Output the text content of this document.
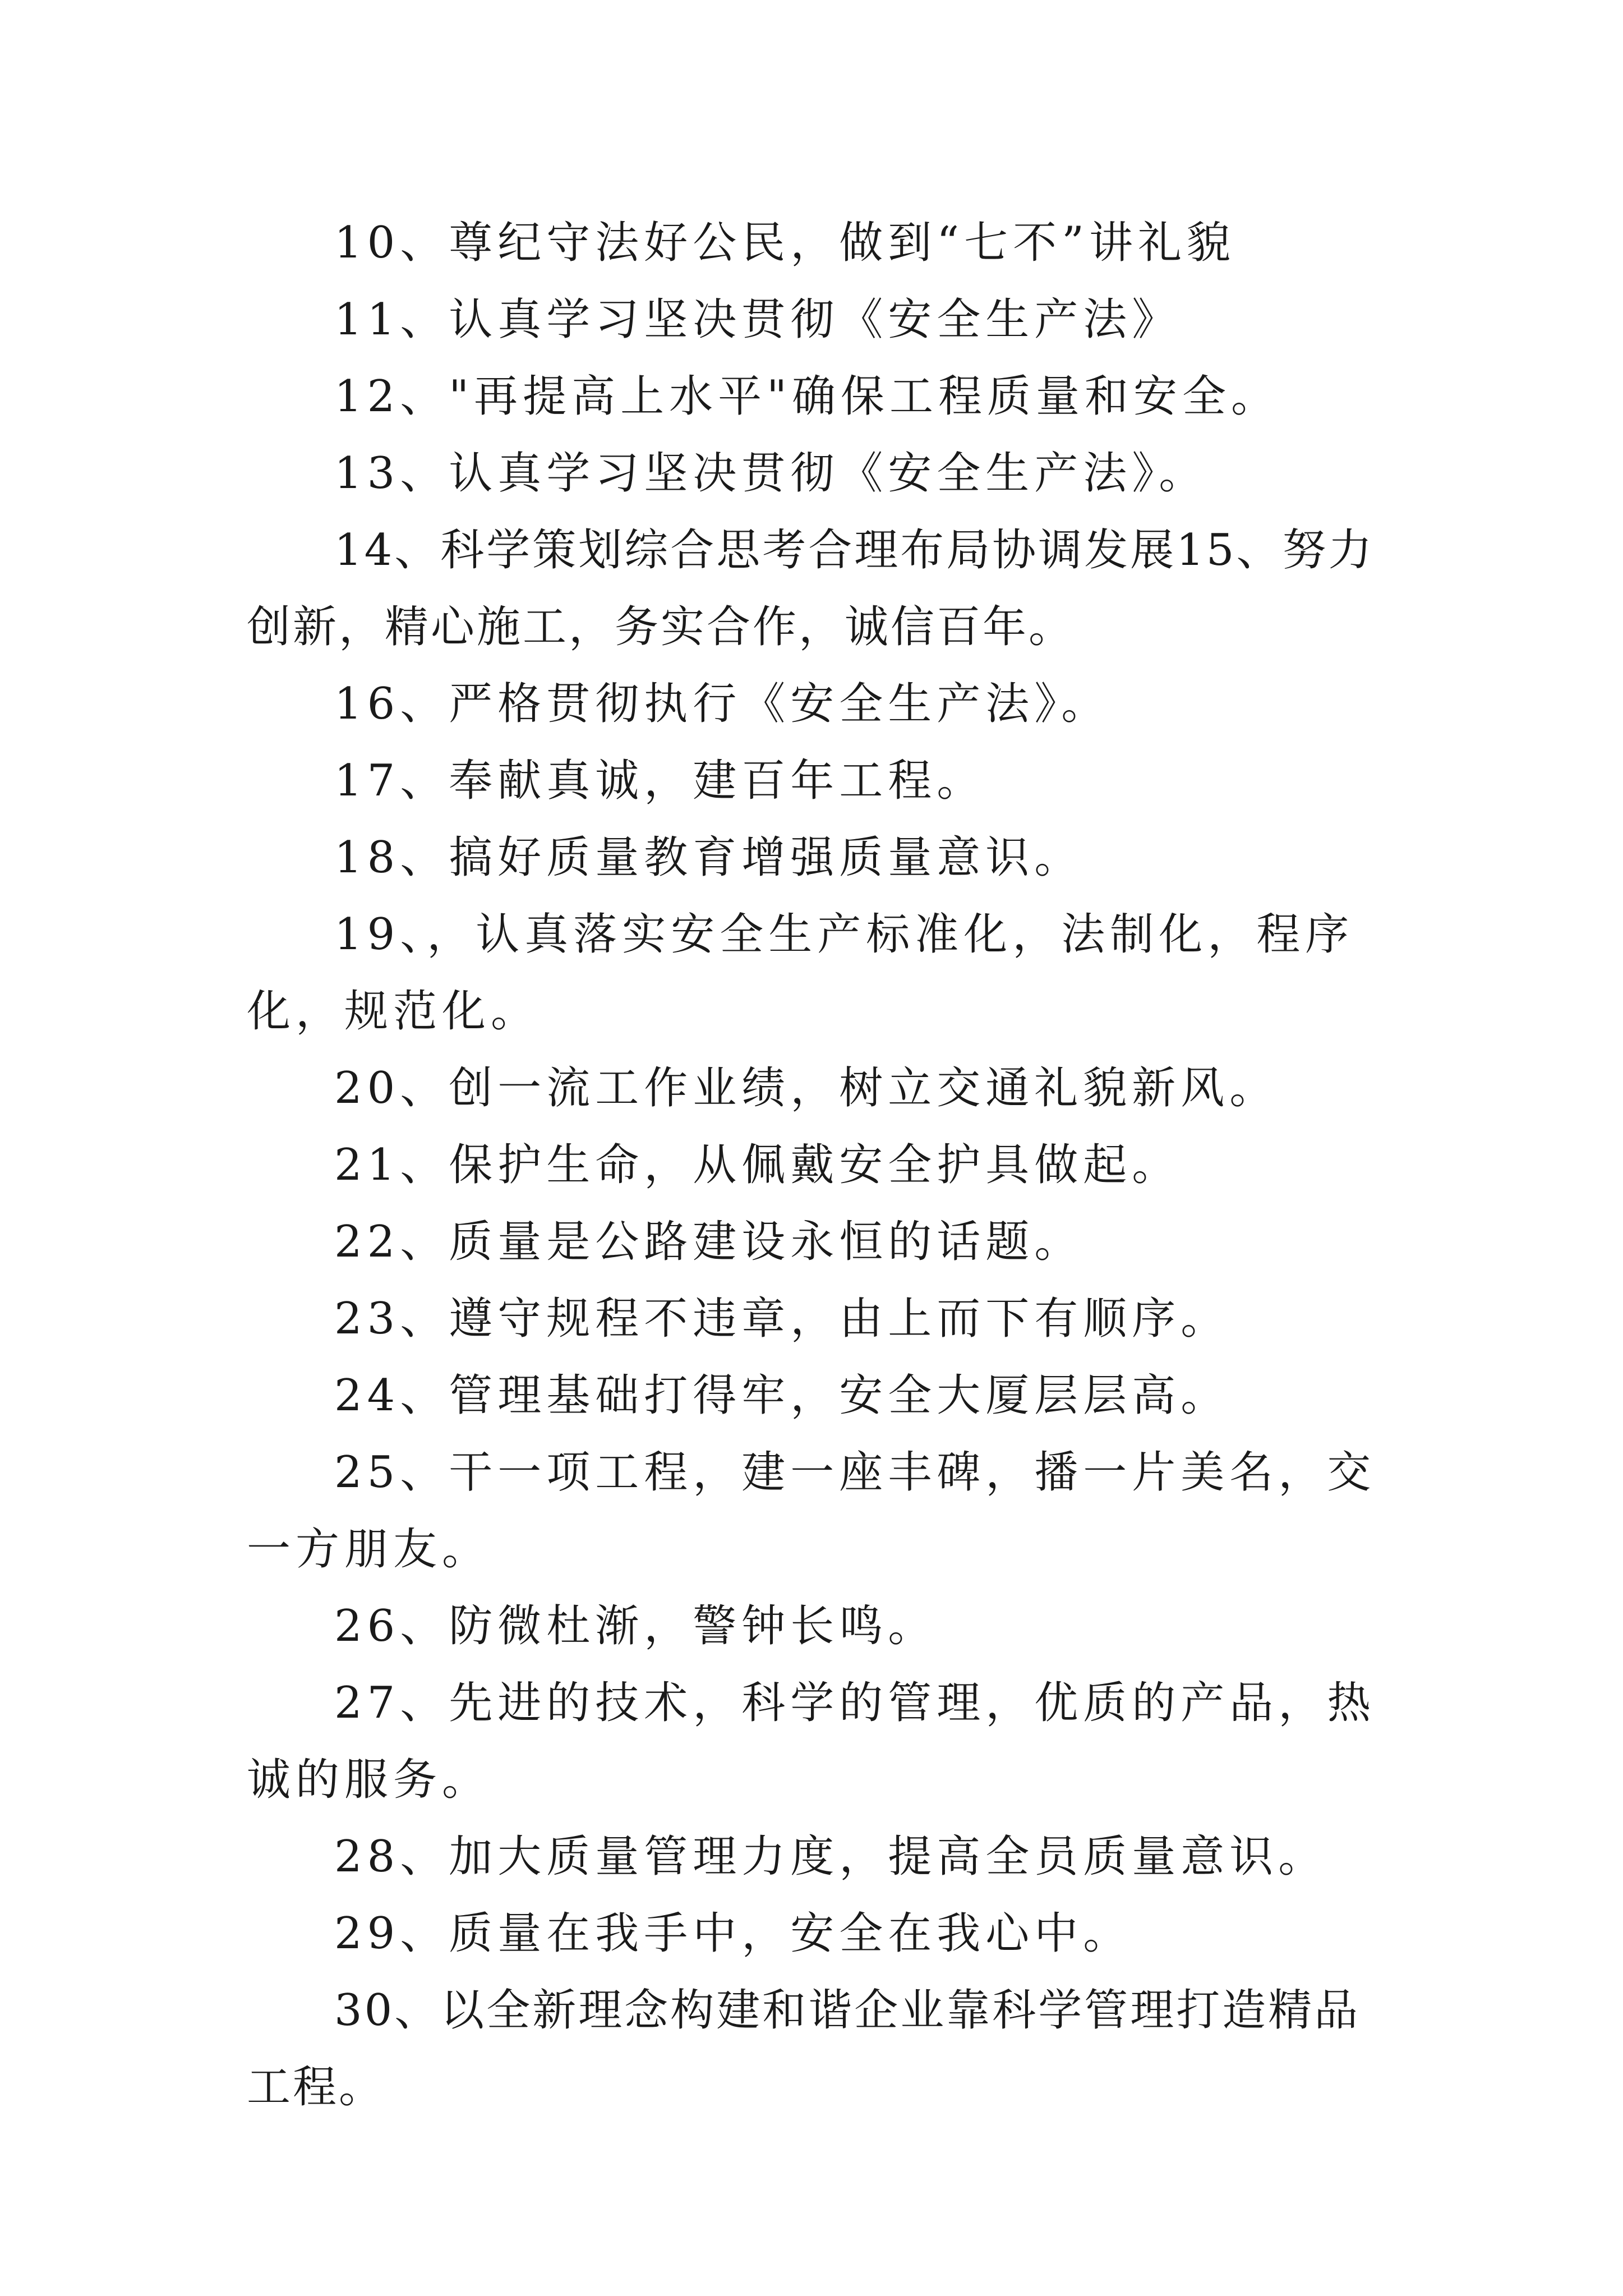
10、尊纪守法好公民，做到“七不”讲礼貌

11、认真学习坚决贯彻《安全生产法》

12、"再提高上水平"确保工程质量和安全。

13、认真学习坚决贯彻《安全生产法》。

14、科学策划综合思考合理布局协调发展15、努力创新，精心施工，务实合作，诚信百年。

16、严格贯彻执行《安全生产法》。

17、奉献真诚，建百年工程。

18、搞好质量教育增强质量意识。

19、，认真落实安全生产标准化，法制化，程序化，规范化。

20、创一流工作业绩，树立交通礼貌新风。

21、保护生命，从佩戴安全护具做起。

22、质量是公路建设永恒的话题。

23、遵守规程不违章，由上而下有顺序。

24、管理基础打得牢，安全大厦层层高。

25、干一项工程，建一座丰碑，播一片美名，交一方朋友。

26、防微杜渐，警钟长鸣。

27、先进的技术，科学的管理，优质的产品，热诚的服务。

28、加大质量管理力度，提高全员质量意识。

29、质量在我手中，安全在我心中。

30、以全新理念构建和谐企业靠科学管理打造精品工程。
